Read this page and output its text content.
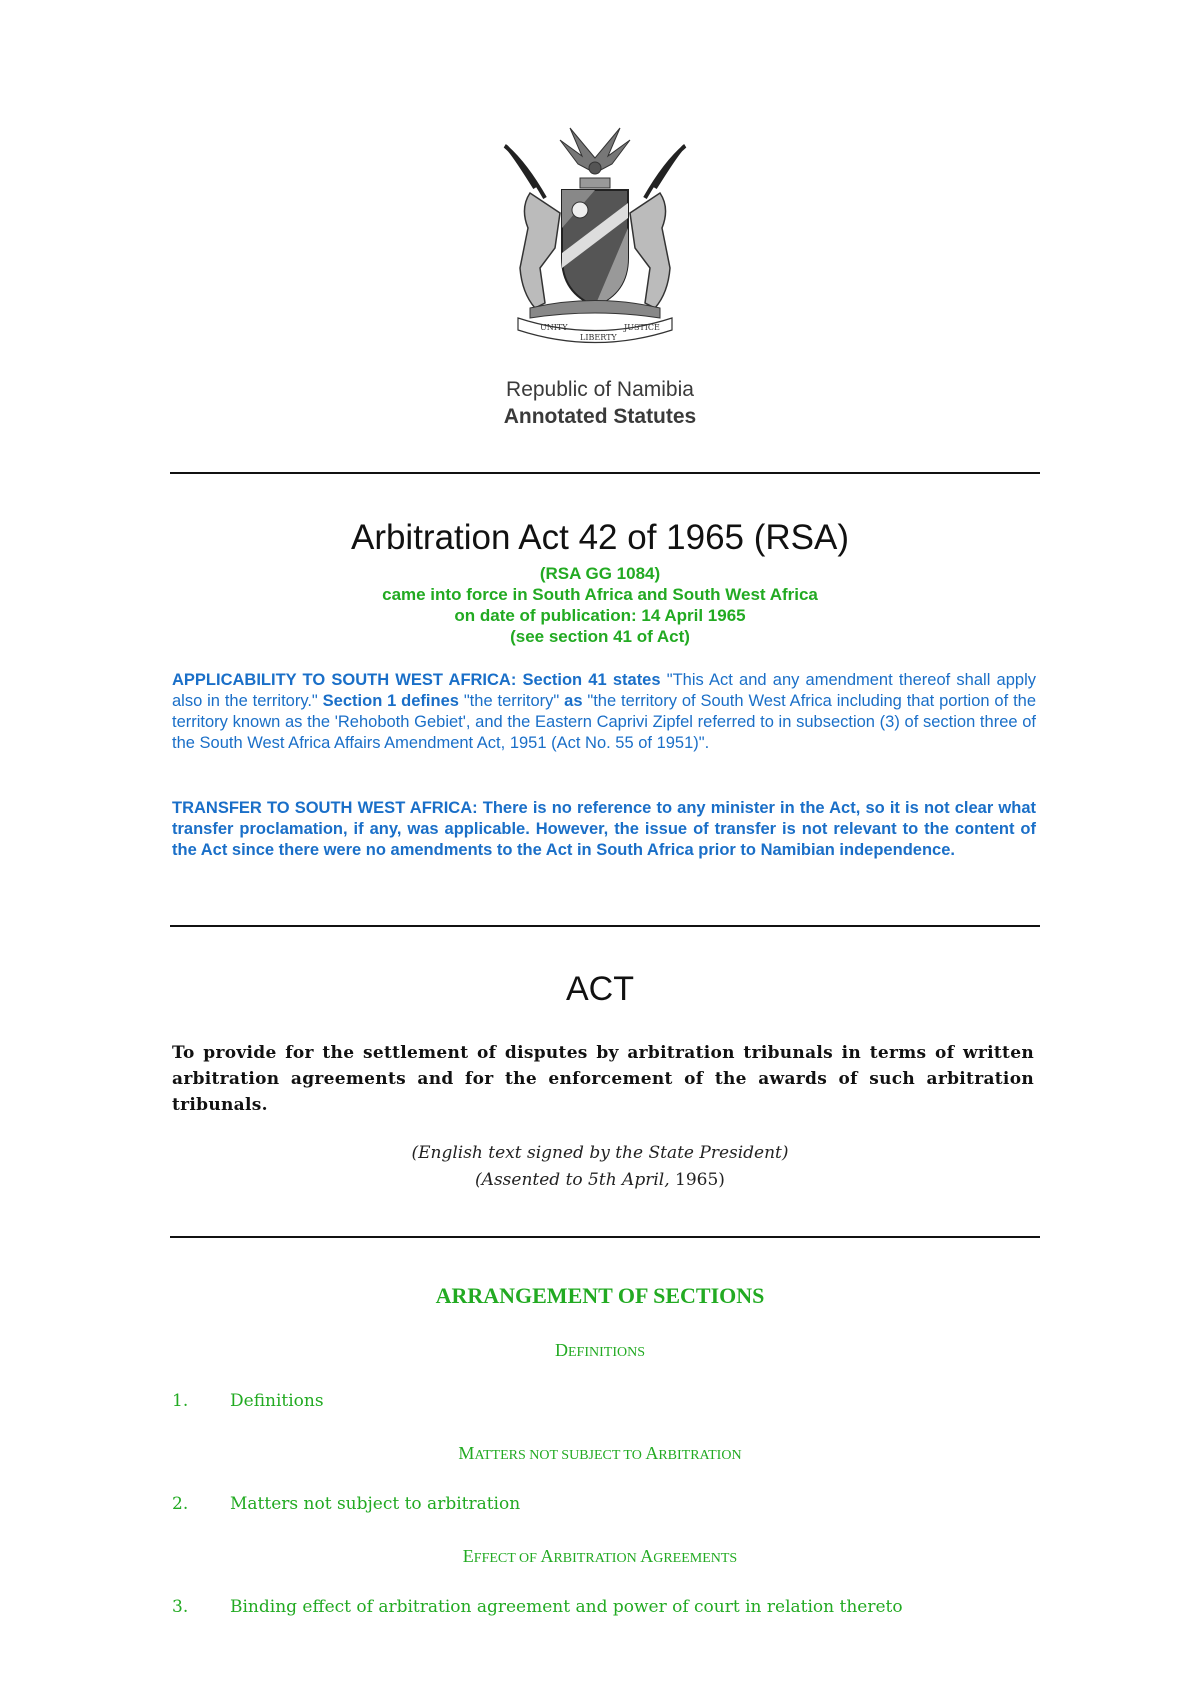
UNITY
LIBERTY
JUSTICE
Republic of Namibia
Annotated Statutes
Arbitration Act 42 of 1965 (RSA)
(RSA GG 1084)
came into force in South Africa and South West Africa
on date of publication: 14 April 1965
(see section 41 of Act)
APPLICABILITY TO SOUTH WEST AFRICA: Section 41 states "This Act and any amendment thereof shall apply also in the territory." Section 1 defines "the territory" as "the territory of South West Africa including that portion of the territory known as the 'Rehoboth Gebiet', and the Eastern Caprivi Zipfel referred to in subsection (3) of section three of the South West Africa Affairs Amendment Act, 1951 (Act No. 55 of 1951)".
TRANSFER TO SOUTH WEST AFRICA: There is no reference to any minister in the Act, so it is not clear what transfer proclamation, if any, was applicable. However, the issue of transfer is not relevant to the content of the Act since there were no amendments to the Act in South Africa prior to Namibian independence.
ACT
To provide for the settlement of disputes by arbitration tribunals in terms of written arbitration agreements and for the enforcement of the awards of such arbitration tribunals.
(English text signed by the State President)
(Assented to 5th April, 1965)
ARRANGEMENT OF SECTIONS
DEFINITIONS
1. Definitions
MATTERS NOT SUBJECT TO ARBITRATION
2. Matters not subject to arbitration
EFFECT OF ARBITRATION AGREEMENTS
3. Binding effect of arbitration agreement and power of court in relation thereto
